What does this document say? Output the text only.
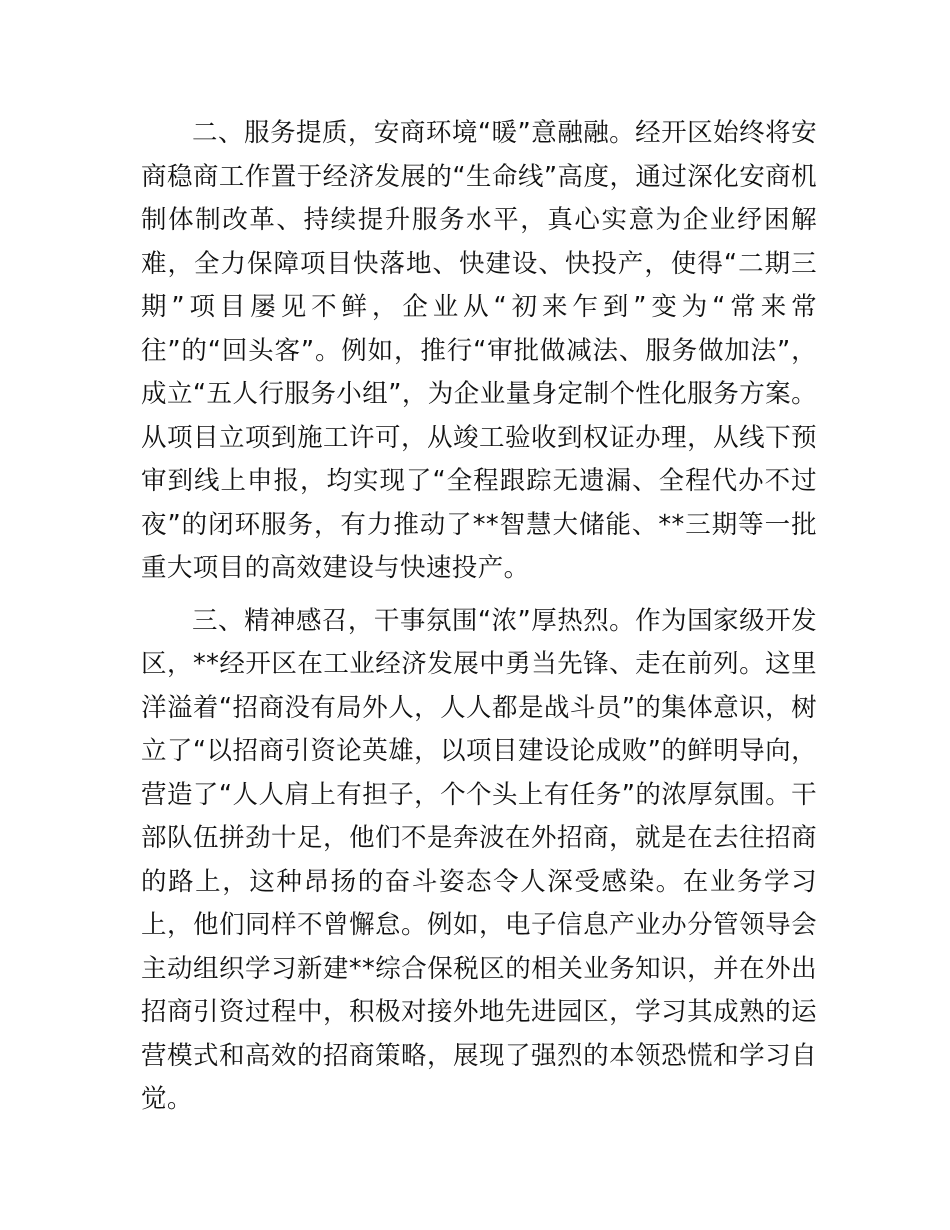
二、服务提质，安商环境“暖”意融融。经开区始终将安商稳商工作置于经济发展的“生命线”高度，通过深化安商机制体制改革、持续提升服务水平，真心实意为企业纾困解难，全力保障项目快落地、快建设、快投产，使得“二期三期”项目屡见不鲜，企业从“初来乍到”变为“常来常往”的“回头客”。例如，推行“审批做减法、服务做加法”，成立“五人行服务小组”，为企业量身定制个性化服务方案。从项目立项到施工许可，从竣工验收到权证办理，从线下预审到线上申报，均实现了“全程跟踪无遗漏、全程代办不过夜”的闭环服务，有力推动了**智慧大储能、**三期等一批重大项目的高效建设与快速投产。

三、精神感召，干事氛围“浓”厚热烈。作为国家级开发区，**经开区在工业经济发展中勇当先锋、走在前列。这里洋溢着“招商没有局外人，人人都是战斗员”的集体意识，树立了“以招商引资论英雄，以项目建设论成败”的鲜明导向，营造了“人人肩上有担子，个个头上有任务”的浓厚氛围。干部队伍拼劲十足，他们不是奔波在外招商，就是在去往招商的路上，这种昂扬的奋斗姿态令人深受感染。在业务学习上，他们同样不曾懈怠。例如，电子信息产业办分管领导会主动组织学习新建**综合保税区的相关业务知识，并在外出招商引资过程中，积极对接外地先进园区，学习其成熟的运营模式和高效的招商策略，展现了强烈的本领恐慌和学习自觉。
